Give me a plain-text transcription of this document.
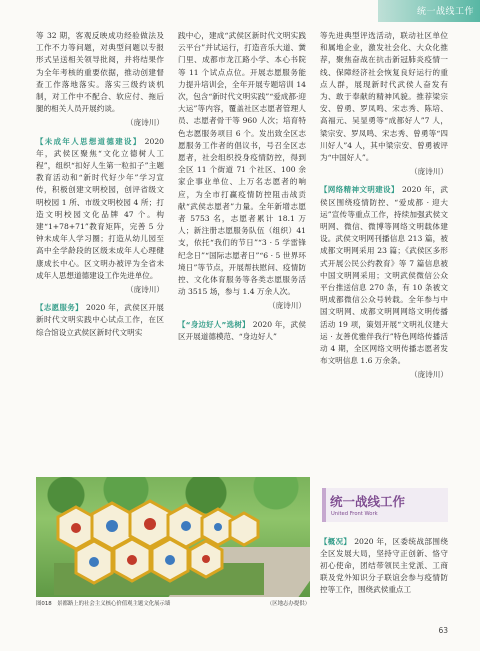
统一战线工作

等 32 期，客观反映成功经验做法及工作不力等问题，对典型问题以专报形式呈送相关领导批阅，并将结果作为全年考核的重要依据，推动创建督查工作落地落实。落实三级约谈机制，对工作中不配合、软应付、拖后腿的相关人员开展约谈。

（庞诗川）

【未成年人思想道德建设】 2020 年，武侯区聚焦“文化立德树人工程”，组织“扣好人生第一粒扣子”主题教育活动和“新时代好少年”学习宣传，积极创建文明校园，创评省级文明校园 1 所、市级文明校园 4 所；打造文明校园文化品牌 47 个。构建“1+78+71”教育矩阵，完善 5 分钟未成年人学习圈；打造从幼儿园至高中全学龄段的区级未成年人心理健康成长中心。区文明办被评为全省未成年人思想道德建设工作先进单位。

（庞诗川）

【志愿服务】 2020 年，武侯区开展新时代文明实践中心试点工作，在区综合馆设立武侯区新时代文明实

践中心，建成“武侯区新时代文明实践云平台”并试运行，打造音乐大道、黉门里、成都市龙江路小学、本心书院等 11 个试点点位。开展志愿服务能力提升培训会，全年开展专题培训 14 次，包含“新时代文明实践”“爱成都·迎大运”等内容，覆盖社区志愿者管理人员、志愿者骨干等 960 人次；培育特色志愿服务项目 6 个。发出致全区志愿服务工作者的倡议书，号召全区志愿者，社会组织投身疫情防控，得到全区 11 个街道 71 个社区、100 余家企事业单位、上万名志愿者的响应，为全市打赢疫情防控阻击战贡献“武侯志愿者”力量。全年新增志愿者 5753 名，志愿者累计 18.1 万人；新注册志愿服务队伍（组织）41 支，依托“我们的节日”“3 · 5 学雷锋纪念日”“国际志愿者日”“6 · 5 世界环境日”等节点，开展帮扶慰问、疫情防控、文化体育服务等各类志愿服务活动 3515 场，参与 1.4 万余人次。

（庞诗川）

【“身边好人”选树】 2020 年，武侯区开展道德模范、“身边好人”

等先进典型评选活动，联动社区单位和属地企业，激发社会化、大众化推荐，聚焦奋战在抗击新冠肺炎疫情一线、保障经济社会恢复良好运行的重点人群，展现新时代武侯人奋发有为、敢于奉献的精神风貌。推荐梁宗安、曾勇、罗凤鸣、宋志秀、陈培、高福元、吴显勇等“成都好人”7 人，梁宗安、罗凤鸣、宋志秀、曾勇等“四川好人”4 人，其中梁宗安、曾勇被评为“中国好人”。

（庞诗川）

【网络精神文明建设】 2020 年，武侯区围绕疫情防控、“爱成都 · 迎大运”宣传等重点工作，持续加强武侯文明网、微信、微博等网络文明载体建设。武侯文明网刊播信息 213 篇，被成都文明网采用 23 篇；《武侯区多形式开展公民公约教育》等 7 篇信息被中国文明网采用；文明武侯微信公众平台推送信息 270 条，有 10 条被文明成都微信公众号转载。全年参与中国文明网、成都文明网网络文明传播活动 19 项，策划开展“文明礼仪建大运 · 友善优雅伴我行”特色网络传播活动 4 期，全区网络文明传播志愿者发布文明信息 1.6 万余条。

（庞诗川）
图018　景都路上的社会主义核心价值观主题文化展示墙	（区地志办提供）
统一战线工作
United Front Work

【概况】 2020 年，区委统战部围绕全区发展大局，坚持守正创新、恪守初心使命，团结带领民主党派、工商联及党外知识分子联谊会参与疫情防控等工作，围绕武侯重点工

63
